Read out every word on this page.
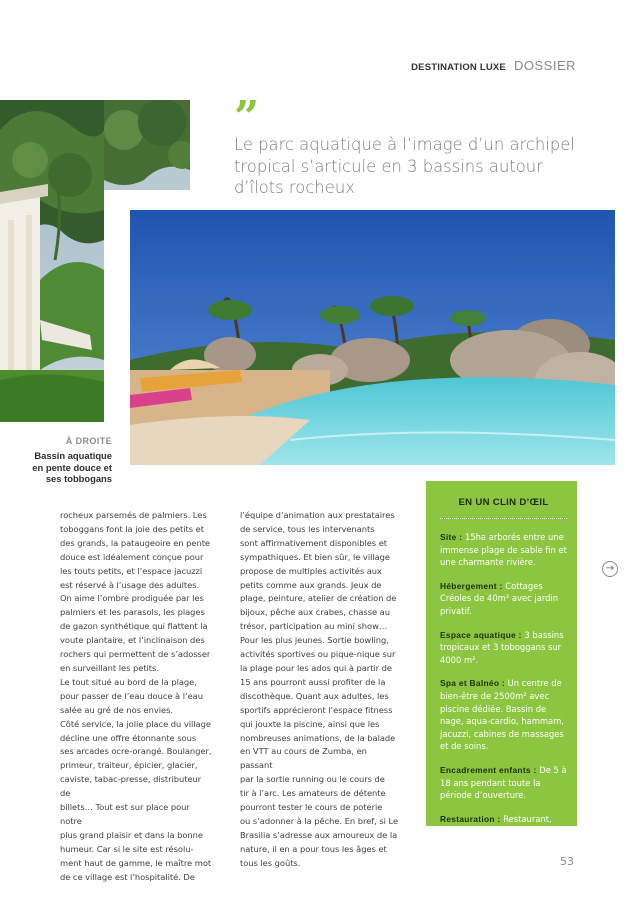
DESTINATION LUXE DOSSIER
”

Le parc aquatique à l’image d’un archipel tropical s’articule en 3 bassins autour d’îlots rocheux

À DROITE
Bassin aquatique en pente douce et ses tobbogans
rocheux parsemés de palmiers. Les
toboggans font la joie des petits et
des grands, la pataugeoire en pente
douce est idéalement conçue pour
les touts petits, et l’espace jacuzzi
est réservé à l’usage des adultes.
On aime l’ombre prodiguée par les
palmiers et les parasols, les plages
de gazon synthétique qui flattent la
voute plantaire, et l’inclinaison des
rochers qui permettent de s’adosser
en surveillant les petits.
Le tout situé au bord de la plage,
pour passer de l’eau douce à l’eau
salée au gré de nos envies.
Côté service, la jolie place du village
décline une offre étonnante sous
ses arcades ocre-orangé. Boulanger,
primeur, traiteur, épicier, glacier,
caviste, tabac-presse, distributeur de
billets… Tout est sur place pour notre
plus grand plaisir et dans la bonne
humeur. Car si le site est résolu-
ment haut de gamme, le maître mot
de ce village est l’hospitalité. De
l’équipe d’animation aux prestataires
de service, tous les intervenants
sont affirmativement disponibles et
sympathiques. Et bien sûr, le village
propose de multiples activités aux
petits comme aux grands. Jeux de
plage, peinture, atelier de création de
bijoux, pêche aux crabes, chasse au
trésor, participation au mini show…
Pour les plus jeunes. Sortie bowling,
activités sportives ou pique-nique sur
la plage pour les ados qui à partir de
15 ans pourront aussi profiter de la
discothèque. Quant aux adultes, les
sportifs apprécieront l’espace fitness
qui jouxte la piscine, ainsi que les
nombreuses animations, de la balade
en VTT au cours de Zumba, en passant
par la sortie running ou le cours de
tir à l’arc. Les amateurs de détente
pourront tester le cours de poterie
ou s’adonner à la pêche. En bref, si Le
Brasilia s’adresse aux amoureux de la
nature, il en a pour tous les âges et
tous les goûts.
EN UN CLIN D’ŒIL
Site : 15ha arborés entre une immense plage de sable fin et une charmante rivière.
Hébergement : Cottages Créoles de 40m² avec jardin privatif.
Espace aquatique : 3 bassins tropicaux et 3 toboggans sur 4000 m².
Spa et Balnéo : Un centre de bien-être de 2500m² avec piscine dédiée. Bassin de nage, aqua-cardio, hammam, jacuzzi, cabines de massages et de soins.
Encadrement enfants : De 5 à 18 ans pendant toute la période d’ouverture.
Restauration : Restaurant, snack, pizzerias, Plats à emporter et glacier.
→
53
